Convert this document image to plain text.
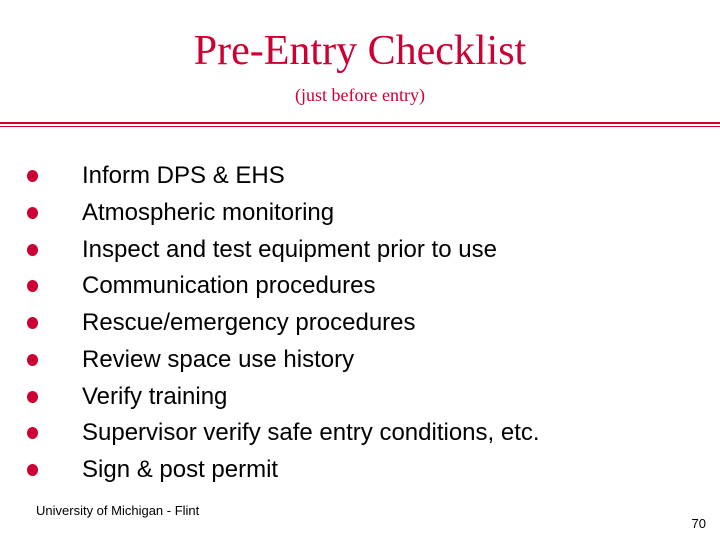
Pre-Entry Checklist
(just before entry)
Inform DPS & EHS
Atmospheric monitoring
Inspect and test equipment prior to use
Communication procedures
Rescue/emergency procedures
Review space use history
Verify training
Supervisor verify safe entry conditions, etc.
Sign & post permit
University of Michigan - Flint
70
